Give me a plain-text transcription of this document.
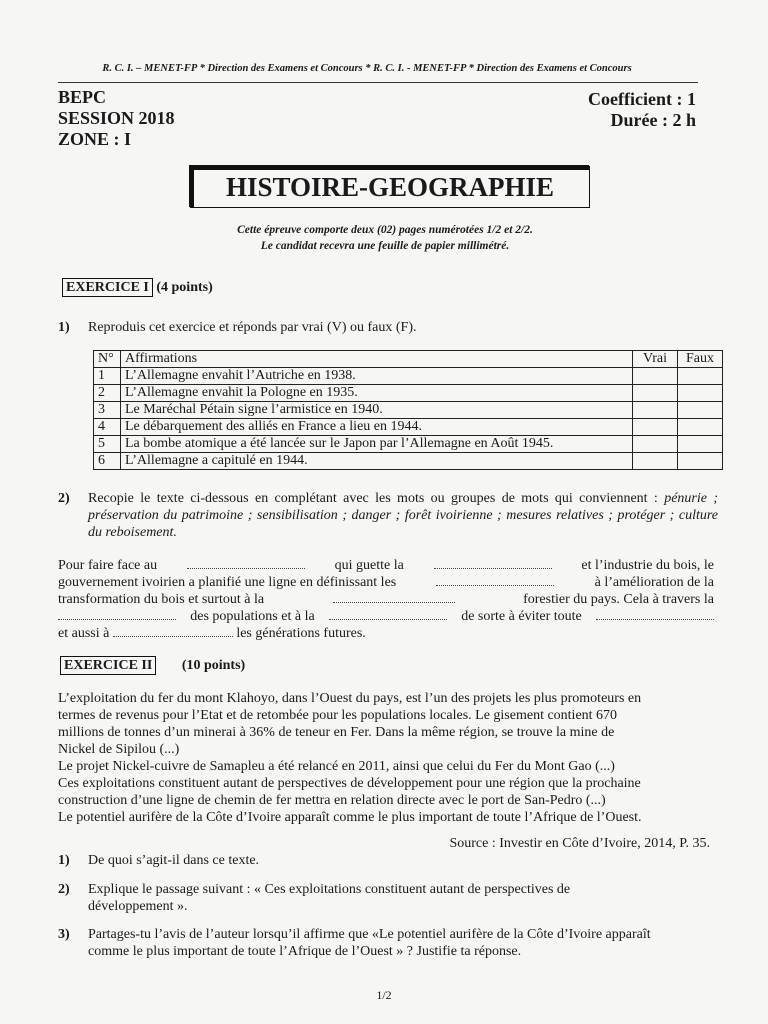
R. C. I. – MENET-FP * Direction des Examens et Concours * R. C. I. - MENET-FP * Direction des Examens et Concours
BEPC
SESSION 2018
ZONE : I
Coefficient : 1
Durée : 2 h
HISTOIRE-GEOGRAPHIE
Cette épreuve comporte deux (02) pages numérotées 1/2 et 2/2.
Le candidat recevra une feuille de papier millimétré.
EXERCICE I (4 points)
1) Reproduis cet exercice et réponds par vrai (V) ou faux (F).
N°	Affirmations	Vrai	Faux
1	L’Allemagne envahit l’Autriche en 1938.		
2	L’Allemagne envahit la Pologne en 1935.		
3	Le Maréchal Pétain signe l’armistice en 1940.		
4	Le débarquement des alliés en France a lieu en 1944.		
5	La bombe atomique a été lancée sur le Japon par l’Allemagne en Août 1945.		
6	L’Allemagne a capitulé en 1944.		
2)	Recopie le texte ci-dessous en complétant avec les mots ou groupes de mots qui conviennent : pénurie ; préservation du patrimoine ; sensibilisation ; danger ; forêt ivoirienne ; mesures relatives ; protéger ; culture du reboisement.
Pour faire face au	qui guette la	et l’industrie du bois, le
gouvernement ivoirien a planifié une ligne en définissant les	à l’amélioration de la
transformation du bois et surtout à la	forestier du pays. Cela à travers la
des populations et à la	de sorte à éviter toute
et aussi à	les générations futures.
EXERCICE II (10 points)
L’exploitation du fer du mont Klahoyo, dans l’Ouest du pays, est l’un des projets les plus promoteurs en
termes de revenus pour l’Etat et de retombée pour les populations locales. Le gisement contient 670
millions de tonnes d’un minerai à 36% de teneur en Fer. Dans la même région, se trouve la mine de
Nickel de Sipilou (...)
Le projet Nickel-cuivre de Samapleu a été relancé en 2011, ainsi que celui du Fer du Mont Gao (...)
Ces exploitations constituent autant de perspectives de développement pour une région que la prochaine
construction d’une ligne de chemin de fer mettra en relation directe avec le port de San-Pedro (...)
Le potentiel aurifère de la Côte d’Ivoire apparaît comme le plus important de toute l’Afrique de l’Ouest.
Source : Investir en Côte d’Ivoire, 2014, P. 35.
1) De quoi s’agit-il dans ce texte.
2) Explique le passage suivant : « Ces exploitations constituent autant de perspectives de
développement ».
3) Partages-tu l’avis de l’auteur lorsqu’il affirme que «Le potentiel aurifère de la Côte d’Ivoire apparaît
comme le plus important de toute l’Afrique de l’Ouest » ? Justifie ta réponse.
1/2
